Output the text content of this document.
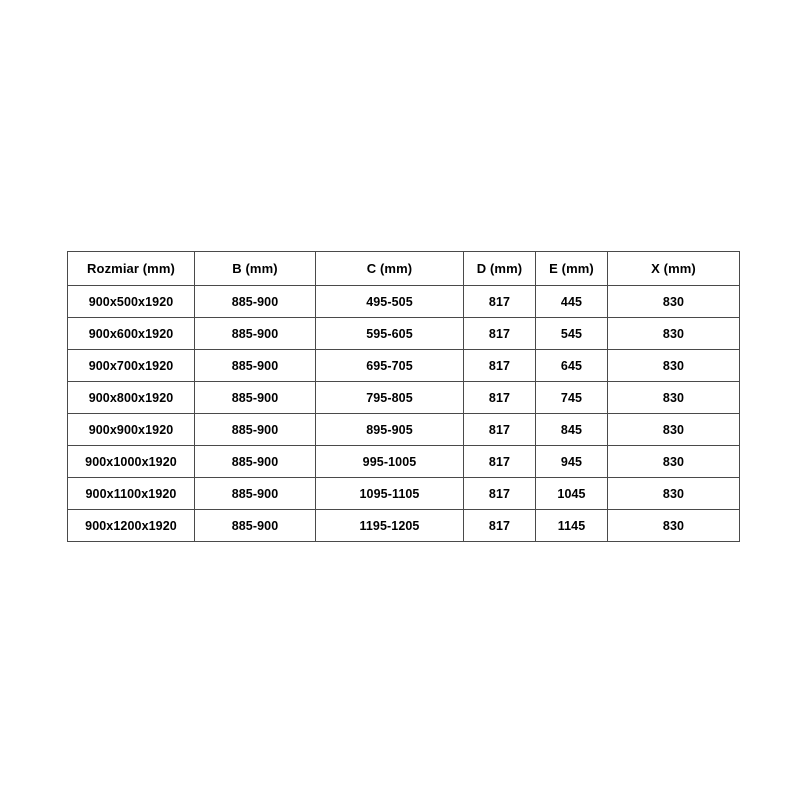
Rozmiar (mm)	B (mm)	C (mm)	D (mm)	E (mm)	X (mm)
900x500x1920	885-900	495-505	817	445	830
900x600x1920	885-900	595-605	817	545	830
900x700x1920	885-900	695-705	817	645	830
900x800x1920	885-900	795-805	817	745	830
900x900x1920	885-900	895-905	817	845	830
900x1000x1920	885-900	995-1005	817	945	830
900x1100x1920	885-900	1095-1105	817	1045	830
900x1200x1920	885-900	1195-1205	817	1145	830
